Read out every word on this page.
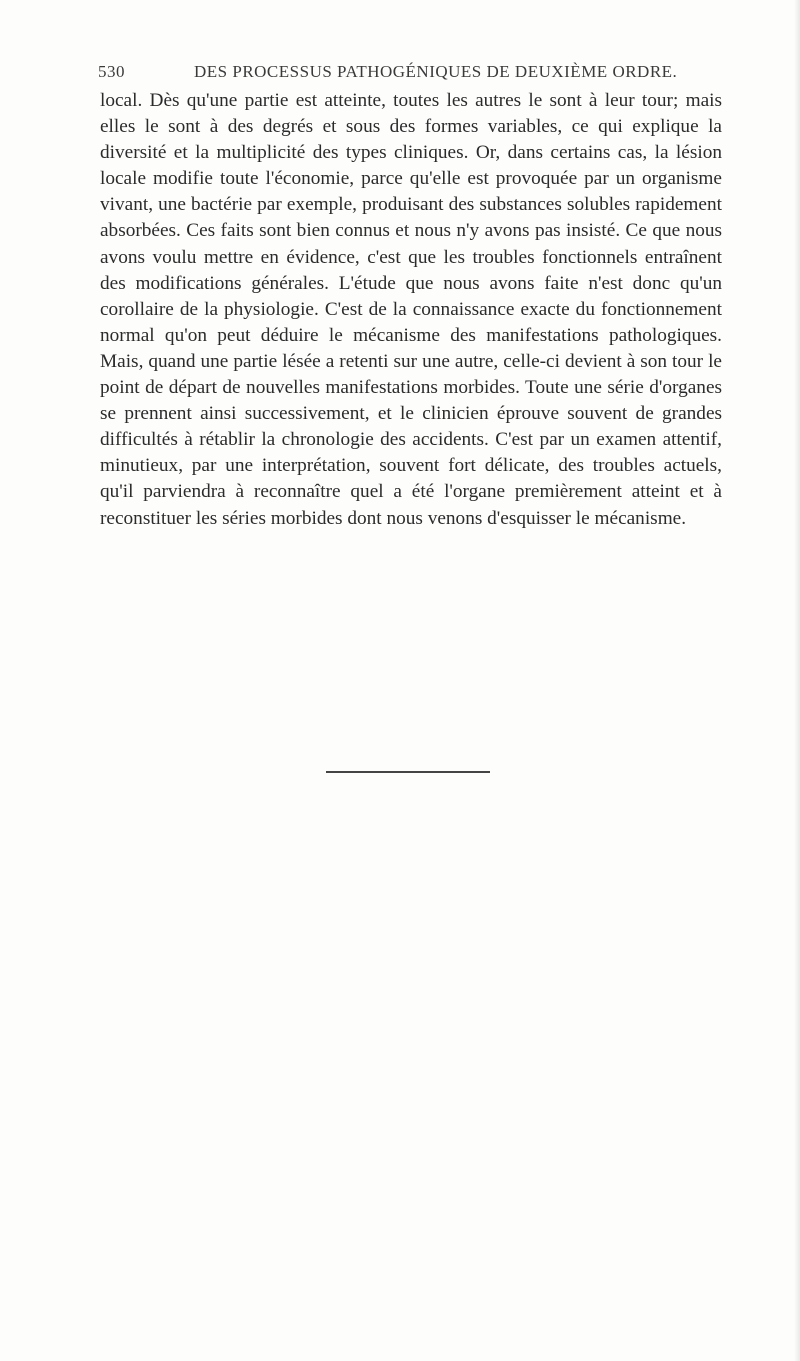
530	DES PROCESSUS PATHOGÉNIQUES DE DEUXIÈME ORDRE.

local. Dès qu'une partie est atteinte, toutes les autres le sont à leur tour; mais elles le sont à des degrés et sous des formes variables, ce qui explique la diversité et la multiplicité des types cliniques. Or, dans certains cas, la lésion locale modifie toute l'économie, parce qu'elle est provoquée par un organisme vivant, une bactérie par exemple, produisant des substances solubles rapidement absorbées. Ces faits sont bien connus et nous n'y avons pas insisté. Ce que nous avons voulu mettre en évidence, c'est que les troubles fonctionnels entraînent des modifications générales. L'étude que nous avons faite n'est donc qu'un corollaire de la physiologie. C'est de la connaissance exacte du fonctionnement normal qu'on peut déduire le mécanisme des manifestations pathologiques. Mais, quand une partie lésée a retenti sur une autre, celle-ci devient à son tour le point de départ de nouvelles manifestations morbides. Toute une série d'organes se prennent ainsi successivement, et le clinicien éprouve souvent de grandes difficultés à rétablir la chronologie des accidents. C'est par un examen attentif, minutieux, par une interprétation, souvent fort délicate, des troubles actuels, qu'il parviendra à reconnaître quel a été l'organe premièrement atteint et à reconstituer les séries morbides dont nous venons d'esquisser le mécanisme.
